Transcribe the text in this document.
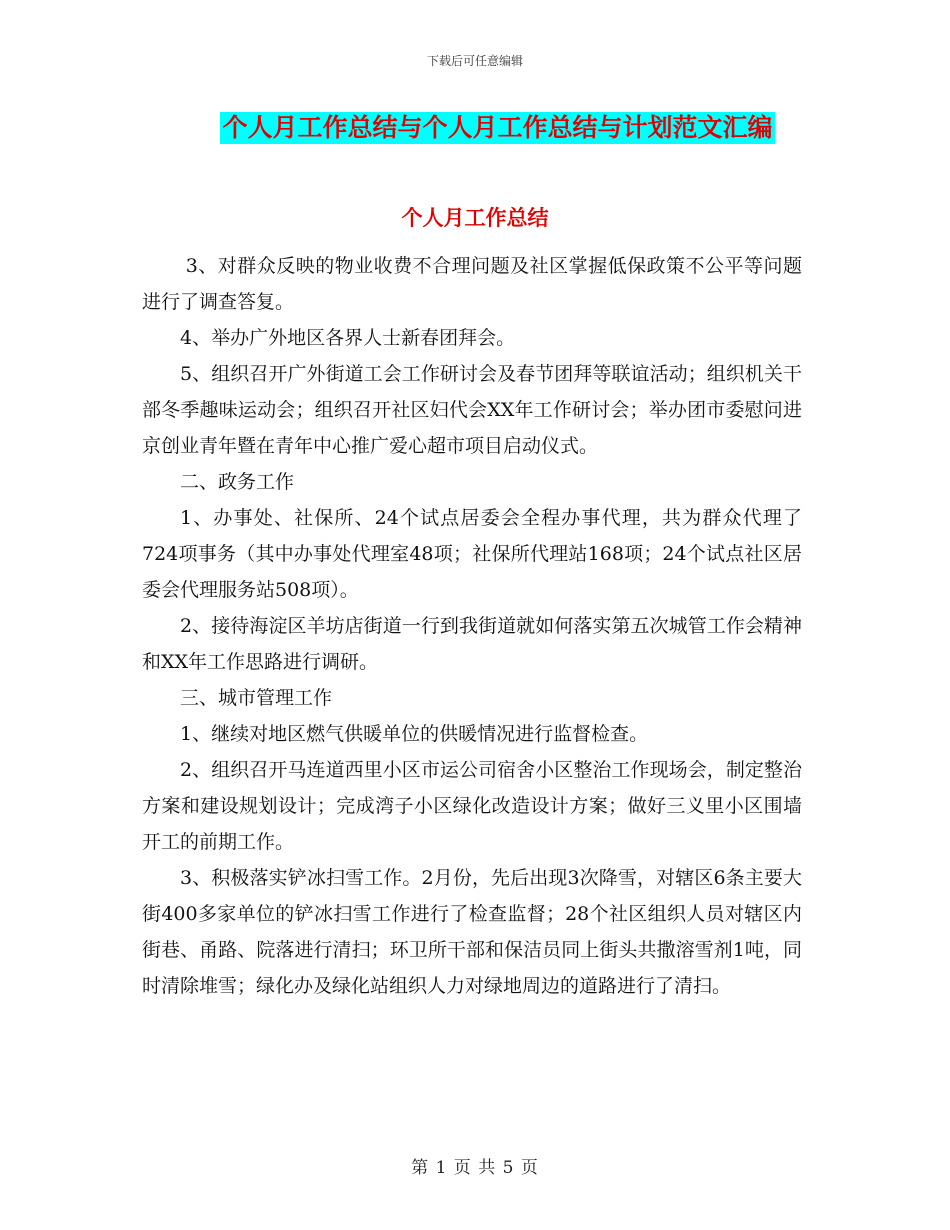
下载后可任意编辑
个人月工作总结与个人月工作总结与计划范文汇编
个人月工作总结

3、对群众反映的物业收费不合理问题及社区掌握低保政策不公平等问题进行了调查答复。

4、举办广外地区各界人士新春团拜会。

5、组织召开广外街道工会工作研讨会及春节团拜等联谊活动；组织机关干部冬季趣味运动会；组织召开社区妇代会XX年工作研讨会；举办团市委慰问进京创业青年暨在青年中心推广爱心超市项目启动仪式。

二、政务工作

1、办事处、社保所、24个试点居委会全程办事代理，共为群众代理了724项事务（其中办事处代理室48项；社保所代理站168项；24个试点社区居委会代理服务站508项）。

2、接待海淀区羊坊店街道一行到我街道就如何落实第五次城管工作会精神和XX年工作思路进行调研。

三、城市管理工作

1、继续对地区燃气供暖单位的供暖情况进行监督检查。

2、组织召开马连道西里小区市运公司宿舍小区整治工作现场会，制定整治方案和建设规划设计；完成湾子小区绿化改造设计方案；做好三义里小区围墙开工的前期工作。

3、积极落实铲冰扫雪工作。2月份，先后出现3次降雪，对辖区6条主要大街400多家单位的铲冰扫雪工作进行了检查监督；28个社区组织人员对辖区内街巷、甬路、院落进行清扫；环卫所干部和保洁员同上街头共撒溶雪剂1吨，同时清除堆雪；绿化办及绿化站组织人力对绿地周边的道路进行了清扫。

第 1 页 共 5 页
